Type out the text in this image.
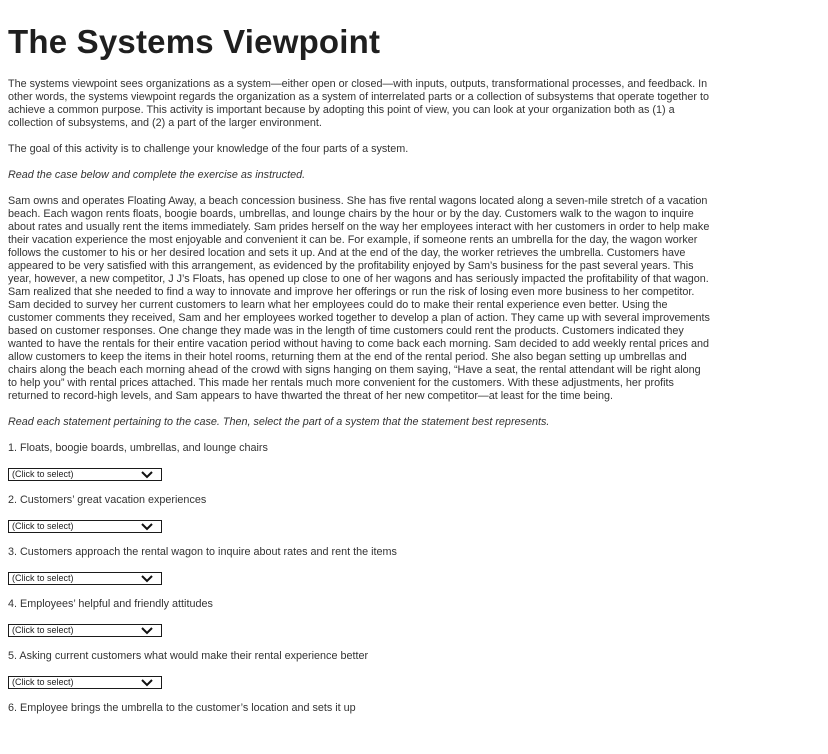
The Systems Viewpoint

The systems viewpoint sees organizations as a system—either open or closed—with inputs, outputs, transformational processes, and feedback. In other words, the systems viewpoint regards the organization as a system of interrelated parts or a collection of subsystems that operate together to achieve a common purpose. This activity is important because by adopting this point of view, you can look at your organization both as (1) a collection of subsystems, and (2) a part of the larger environment.

The goal of this activity is to challenge your knowledge of the four parts of a system.

Read the case below and complete the exercise as instructed.

Sam owns and operates Floating Away, a beach concession business. She has five rental wagons located along a seven-mile stretch of a vacation beach. Each wagon rents floats, boogie boards, umbrellas, and lounge chairs by the hour or by the day. Customers walk to the wagon to inquire about rates and usually rent the items immediately. Sam prides herself on the way her employees interact with her customers in order to help make their vacation experience the most enjoyable and convenient it can be. For example, if someone rents an umbrella for the day, the wagon worker follows the customer to his or her desired location and sets it up. And at the end of the day, the worker retrieves the umbrella. Customers have appeared to be very satisfied with this arrangement, as evidenced by the profitability enjoyed by Sam’s business for the past several years. This year, however, a new competitor, J J’s Floats, has opened up close to one of her wagons and has seriously impacted the profitability of that wagon. Sam realized that she needed to find a way to innovate and improve her offerings or run the risk of losing even more business to her competitor. Sam decided to survey her current customers to learn what her employees could do to make their rental experience even better. Using the customer comments they received, Sam and her employees worked together to develop a plan of action. They came up with several improvements based on customer responses. One change they made was in the length of time customers could rent the products. Customers indicated they wanted to have the rentals for their entire vacation period without having to come back each morning. Sam decided to add weekly rental prices and allow customers to keep the items in their hotel rooms, returning them at the end of the rental period. She also began setting up umbrellas and chairs along the beach each morning ahead of the crowd with signs hanging on them saying, “Have a seat, the rental attendant will be right along to help you” with rental prices attached. This made her rentals much more convenient for the customers. With these adjustments, her profits returned to record-high levels, and Sam appears to have thwarted the threat of her new competitor—at least for the time being.

Read each statement pertaining to the case. Then, select the part of a system that the statement best represents.

1. Floats, boogie boards, umbrellas, and lounge chairs

(Click to select)

2. Customers’ great vacation experiences

(Click to select)

3. Customers approach the rental wagon to inquire about rates and rent the items

(Click to select)

4. Employees’ helpful and friendly attitudes

(Click to select)

5. Asking current customers what would make their rental experience better

(Click to select)

6. Employee brings the umbrella to the customer’s location and sets it up
